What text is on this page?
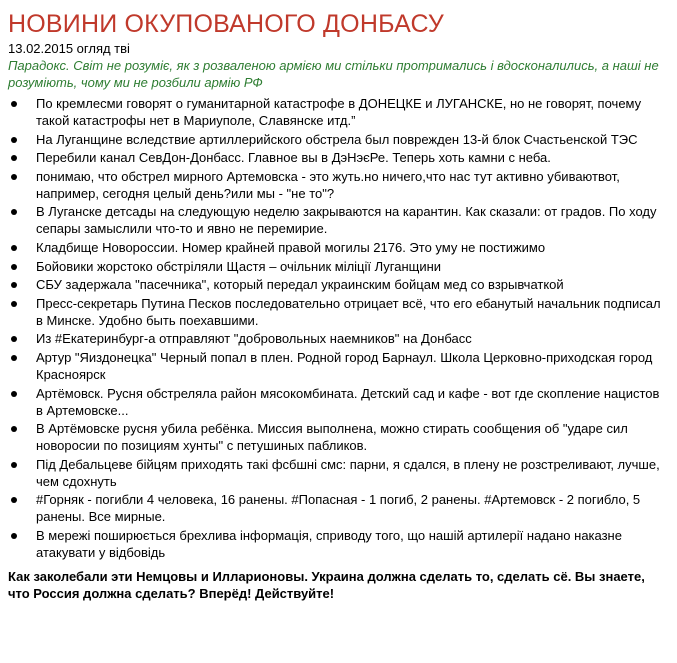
НОВИНИ ОКУПОВАНОГО ДОНБАСУ
13.02.2015 огляд тві
Парадокс. Світ не розуміє, як з розваленою армією ми стільки протримались і вдосконалились, а наші не розуміють, чому ми не розбили армію РФ
По кремлесми говорят о гуманитарной катастрофе в ДОНЕЦКЕ и ЛУГАНСКЕ, но не говорят, почему такой катастрофы нет в Мариуполе, Славянске итд.”
На Луганщине вследствие артиллерийского обстрела был поврежден 13-й блок Счастьенской ТЭС
Перебили канал СевДон-Донбасс. Главное вы в ДэНэєРе. Теперь хоть камни с неба.
понимаю, что обстрел мирного Артемовска - это жуть.но ничего,что нас тут активно убиваютвот, например, сегодня целый день?или мы - "не то"?
В Луганске детсады на следующую неделю закрываются на карантин. Как сказали: от градов. По ходу сепары замыслили что-то и явно не перемирие.
Кладбище Новороссии. Номер крайней правой могилы 2176. Это уму не постижимо
Бойовики жорстоко обстріляли Щастя – очільник міліції Луганщини
СБУ задержала "пасечника", который передал украинским бойцам мед со взрывчаткой
Пресс-секретарь Путина Песков последовательно отрицает всё, что его ебанутый начальник подписал в Минске. Удобно быть поехавшими.
Из #Екатеринбург-а отправляют "добровольных наемников" на Донбасс
Артур "Яиздонецка" Черный попал в плен. Родной город Барнаул. Школа Церковно-приходская город Красноярск
Артёмовск. Русня обстреляла район мясокомбината. Детский сад и кафе - вот где скопление нацистов в Артемовске...
В Артёмовске русня убила ребёнка. Миссия выполнена, можно стирать сообщения об "ударе сил новоросии по позициям хунты" с петушиных пабликов.
Під Дебальцеве бійцям приходять такі фсбшні смс: парни, я сдался, в плену не розстреливают, лучше, чем сдохнуть
#Горняк - погибли 4 человека, 16 ранены. #Попасная - 1 погиб, 2 ранены. #Артемовск - 2 погибло, 5 ранены. Все мирные.
В мережі поширюється брехлива інформація, сприводу того, що нашій артилерії надано наказне атакувати у відбовідь
Как заколебали эти Немцовы и Илларионовы. Украина должна сделать то, сделать сё. Вы знаете, что Россия должна сделать? Вперёд! Действуйте!
